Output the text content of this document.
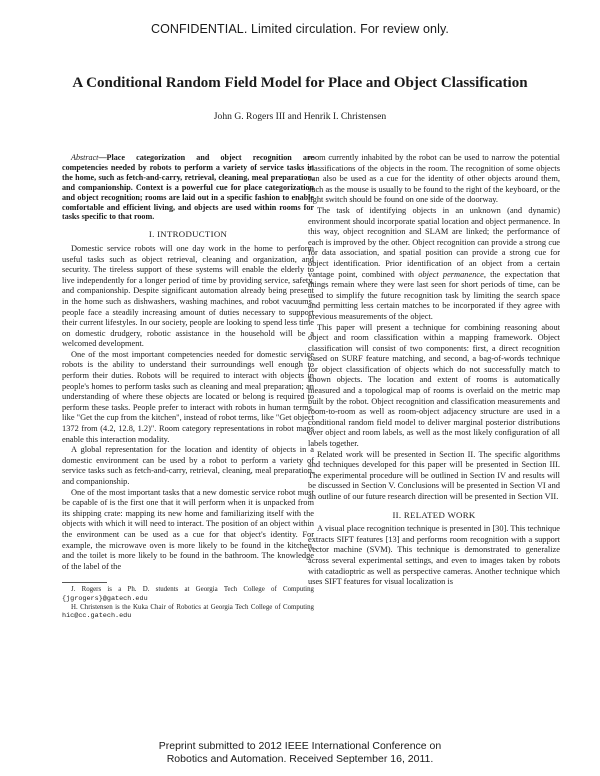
CONFIDENTIAL. Limited circulation. For review only.
A Conditional Random Field Model for Place and Object Classification
John G. Rogers III and Henrik I. Christensen

Abstract—Place categorization and object recognition are competencies needed by robots to perform a variety of service tasks in the home, such as fetch-and-carry, retrieval, cleaning, meal preparation, and companionship. Context is a powerful cue for place categorization and object recognition; rooms are laid out in a specific fashion to enable comfortable and efficient living, and objects are used within rooms for tasks specific to that room.

I. INTRODUCTION

Domestic service robots will one day work in the home to perform useful tasks such as object retrieval, cleaning and organization, and security. The tireless support of these systems will enable the elderly to live independently for a longer period of time by providing service, safety, and companionship. Despite significant automation already being present in the home such as dishwashers, washing machines, and robot vacuums, people face a steadily increasing amount of duties necessary to support their current lifestyles. In our society, people are looking to spend less time on domestic drudgery, robotic assistance in the household will be a welcomed development.

One of the most important competencies needed for domestic service robots is the ability to understand their surroundings well enough to perform their duties. Robots will be required to interact with objects in people's homes to perform tasks such as cleaning and meal preparation; an understanding of where these objects are located or belong is required to perform these tasks. People prefer to interact with robots in human terms, like "Get the cup from the kitchen", instead of robot terms, like "Get object 1372 from (4.2, 12.8, 1.2)". Room category representations in robot maps enable this interaction modality.

A global representation for the location and identity of objects in a domestic environment can be used by a robot to perform a variety of service tasks such as fetch-and-carry, retrieval, cleaning, meal preparation, and companionship.

One of the most important tasks that a new domestic service robot must be capable of is the first one that it will perform when it is unpacked from its shipping crate: mapping its new home and familiarizing itself with the objects with which it will need to interact. The position of an object within the environment can be used as a cue for that object's identity. For example, the microwave oven is more likely to be found in the kitchen, and the toilet is more likely to be found in the bathroom. The knowledge of the label of the

J. Rogers is a Ph. D. students at Georgia Tech College of Computing {jgrogers}@gatech.edu

H. Christensen is the Kuka Chair of Robotics at Georgia Tech College of Computing hic@cc.gatech.edu

room currently inhabited by the robot can be used to narrow the potential classifications of the objects in the room. The recognition of some objects can also be used as a cue for the identity of other objects around them, such as the mouse is usually to be found to the right of the keyboard, or the light switch should be found on one side of the doorway.

The task of identifying objects in an unknown (and dynamic) environment should incorporate spatial location and object permanence. In this way, object recognition and SLAM are linked; the performance of each is improved by the other. Object recognition can provide a strong cue for data association, and spatial position can provide a strong cue for object identification. Prior identification of an object from a certain vantage point, combined with object permanence, the expectation that things remain where they were last seen for short periods of time, can be used to simplify the future recognition task by limiting the search space and permitting less certain matches to be incorporated if they agree with previous measurements of the object.

This paper will present a technique for combining reasoning about object and room classification within a mapping framework. Object classification will consist of two components: first, a direct recognition based on SURF feature matching, and second, a bag-of-words technique for object classification of objects which do not successfully match to known objects. The location and extent of rooms is automatically measured and a topological map of rooms is overlaid on the metric map built by the robot. Object recognition and classification measurements and room-to-room as well as room-object adjacency structure are used in a conditional random field model to deliver marginal posterior distributions over object and room labels, as well as the most likely configuration of all labels together.

Related work will be presented in Section II. The specific algorithms and techniques developed for this paper will be presented in Section III. The experimental procedure will be outlined in Section IV and results will be discussed in Section V. Conclusions will be presented in Section VI and an outline of our future research direction will be presented in Section VII.

II. RELATED WORK

A visual place recognition technique is presented in [30]. This technique extracts SIFT features [13] and performs room recognition with a support vector machine (SVM). This technique is demonstrated to generalize across several experimental settings, and even to images taken by robots with catadioptric as well as perspective cameras. Another technique which uses SIFT features for visual localization is

Preprint submitted to 2012 IEEE International Conference on
Robotics and Automation. Received September 16, 2011.
